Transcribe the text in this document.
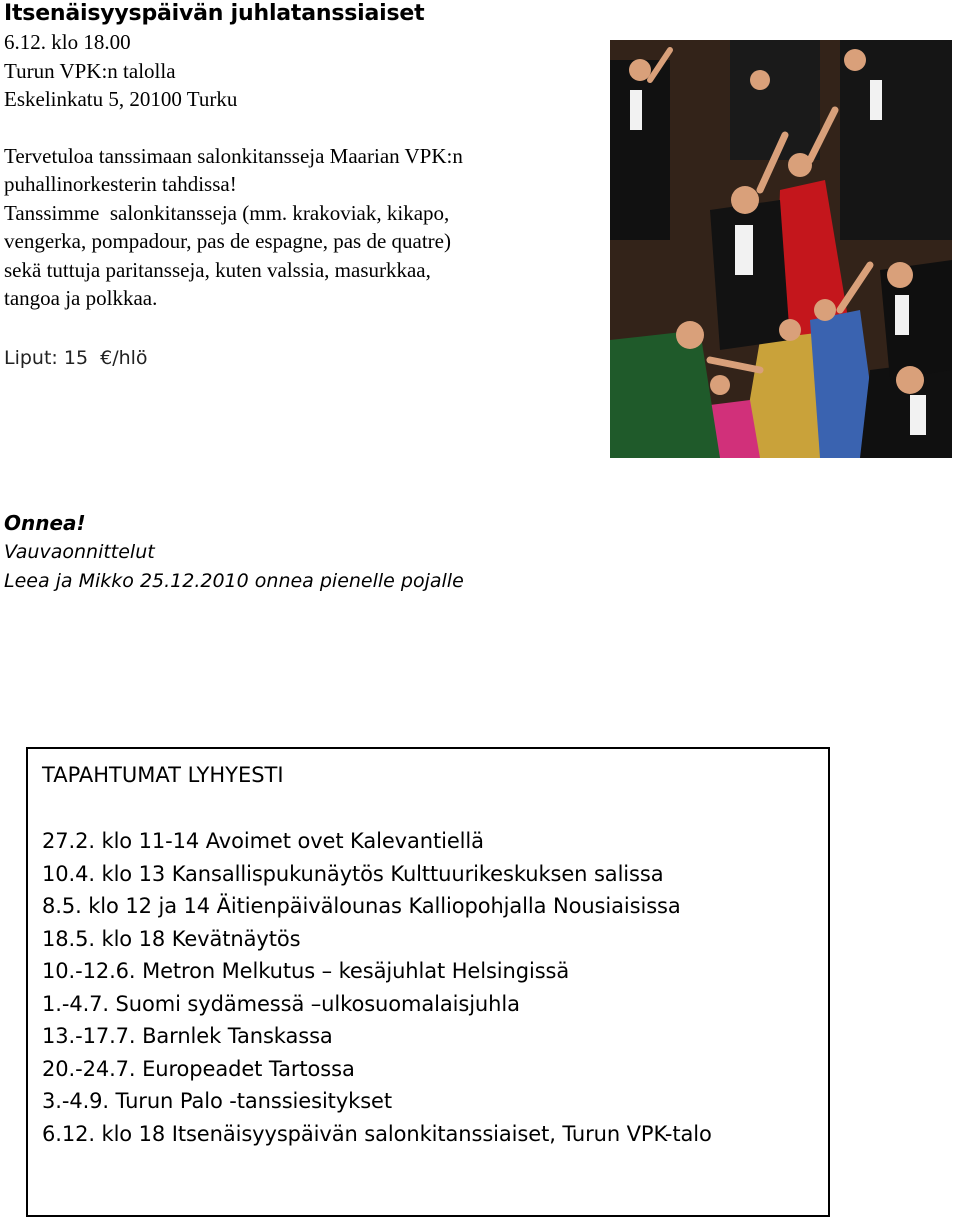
Itsenäisyyspäivän juhlatanssiaiset
6.12. klo 18.00
Turun VPK:n talolla
Eskelinkatu 5, 20100 Turku
Tervetuloa tanssimaan salonkitansseja Maarian VPK:n
puhallinorkesterin tahdissa!
Tanssimme  salonkitansseja (mm. krakoviak, kikapo,
vengerka, pompadour, pas de espagne, pas de quatre)
sekä tuttuja paritansseja, kuten valssia, masurkkaa,
tangoa ja polkkaa.
Liput: 15  €/hlö
Onnea!
Vauvaonnittelut
Leea ja Mikko 25.12.2010 onnea pienelle pojalle
TAPAHTUMAT LYHYESTI
27.2. klo 11-14 Avoimet ovet Kalevantiellä
10.4. klo 13 Kansallispukunäytös Kulttuurikeskuksen salissa
8.5. klo 12 ja 14 Äitienpäivälounas Kalliopohjalla Nousiaisissa
18.5. klo 18 Kevätnäytös
10.-12.6. Metron Melkutus – kesäjuhlat Helsingissä
1.-4.7. Suomi sydämessä –ulkosuomalaisjuhla
13.-17.7. Barnlek Tanskassa
20.-24.7. Europeadet Tartossa
3.-4.9. Turun Palo -tanssiesitykset
6.12. klo 18 Itsenäisyyspäivän salonkitanssiaiset, Turun VPK-talo
